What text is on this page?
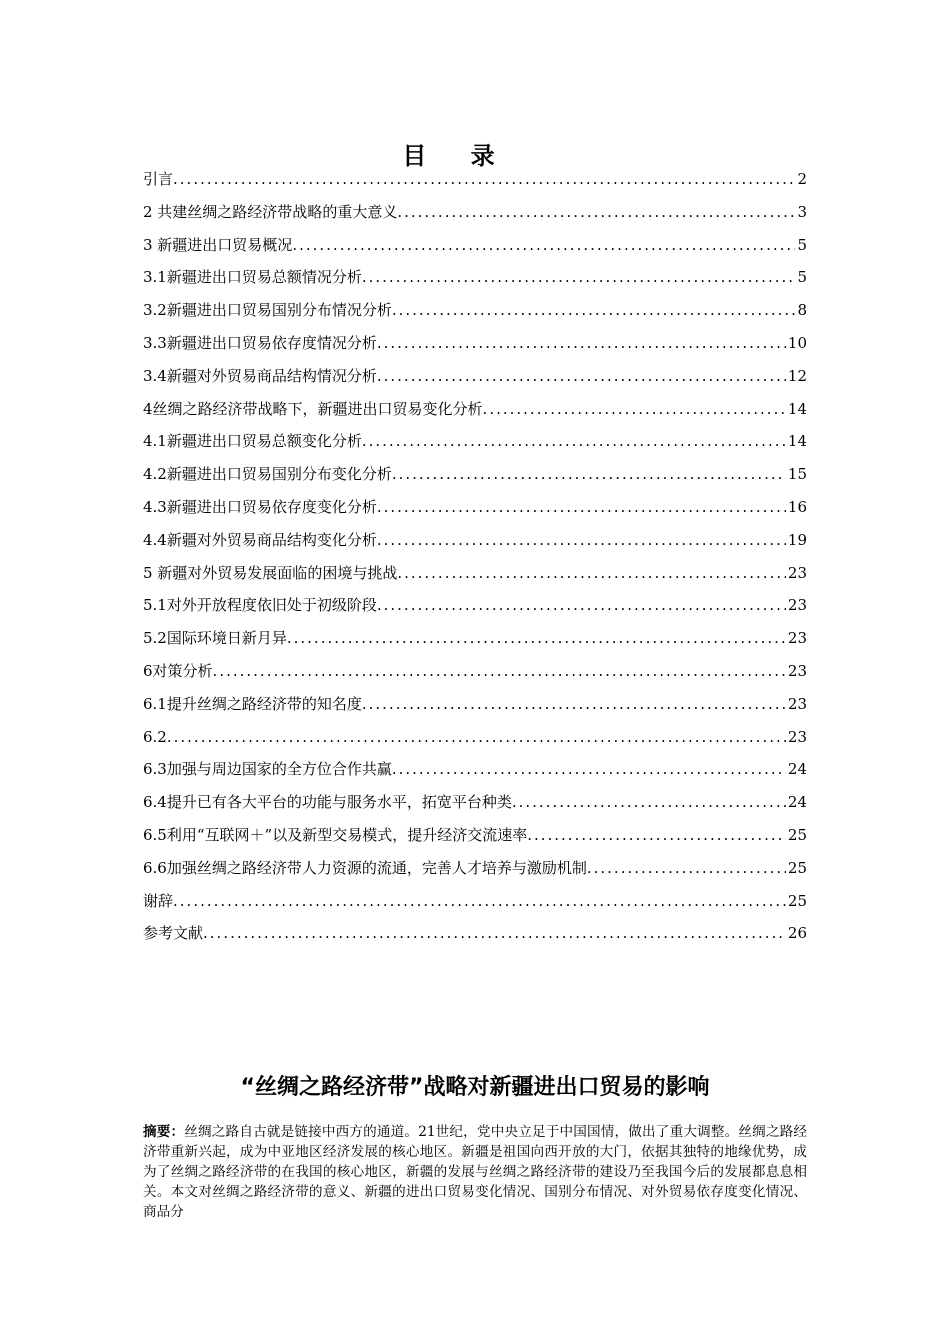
目 录
引言 .....	2
2 共建丝绸之路经济带战略的重大意义 .....	3
3 新疆进出口贸易概况 .....	5
3.1新疆进出口贸易总额情况分析 .....	5
3.2新疆进出口贸易国别分布情况分析 .....	8
3.3新疆进出口贸易依存度情况分析 .....	10
3.4新疆对外贸易商品结构情况分析 .....	12
4丝绸之路经济带战略下，新疆进出口贸易变化分析 .....	14
4.1新疆进出口贸易总额变化分析 .....	14
4.2新疆进出口贸易国别分布变化分析 .....	15
4.3新疆进出口贸易依存度变化分析 .....	16
4.4新疆对外贸易商品结构变化分析 .....	19
5 新疆对外贸易发展面临的困境与挑战 .....	23
5.1对外开放程度依旧处于初级阶段 .....	23
5.2国际环境日新月异 .....	23
6对策分析 .....	23
6.1提升丝绸之路经济带的知名度 .....	23
6.2 .....	23
6.3加强与周边国家的全方位合作共赢 .....	24
6.4提升已有各大平台的功能与服务水平，拓宽平台种类 .....	24
6.5利用“互联网＋”以及新型交易模式，提升经济交流速率 .....	25
6.6加强丝绸之路经济带人力资源的流通，完善人才培养与激励机制 .....	25
谢辞 .....	25
参考文献 .....	26
“丝绸之路经济带”战略对新疆进出口贸易的影响
摘要：丝绸之路自古就是链接中西方的通道。21世纪，党中央立足于中国国情，做出了重大调整。丝绸之路经济带重新兴起，成为中亚地区经济发展的核心地区。新疆是祖国向西开放的大门，依据其独特的地缘优势，成为了丝绸之路经济带的在我国的核心地区，新疆的发展与丝绸之路经济带的建设乃至我国今后的发展都息息相关。本文对丝绸之路经济带的意义、新疆的进出口贸易变化情况、国别分布情况、对外贸易依存度变化情况、商品分
